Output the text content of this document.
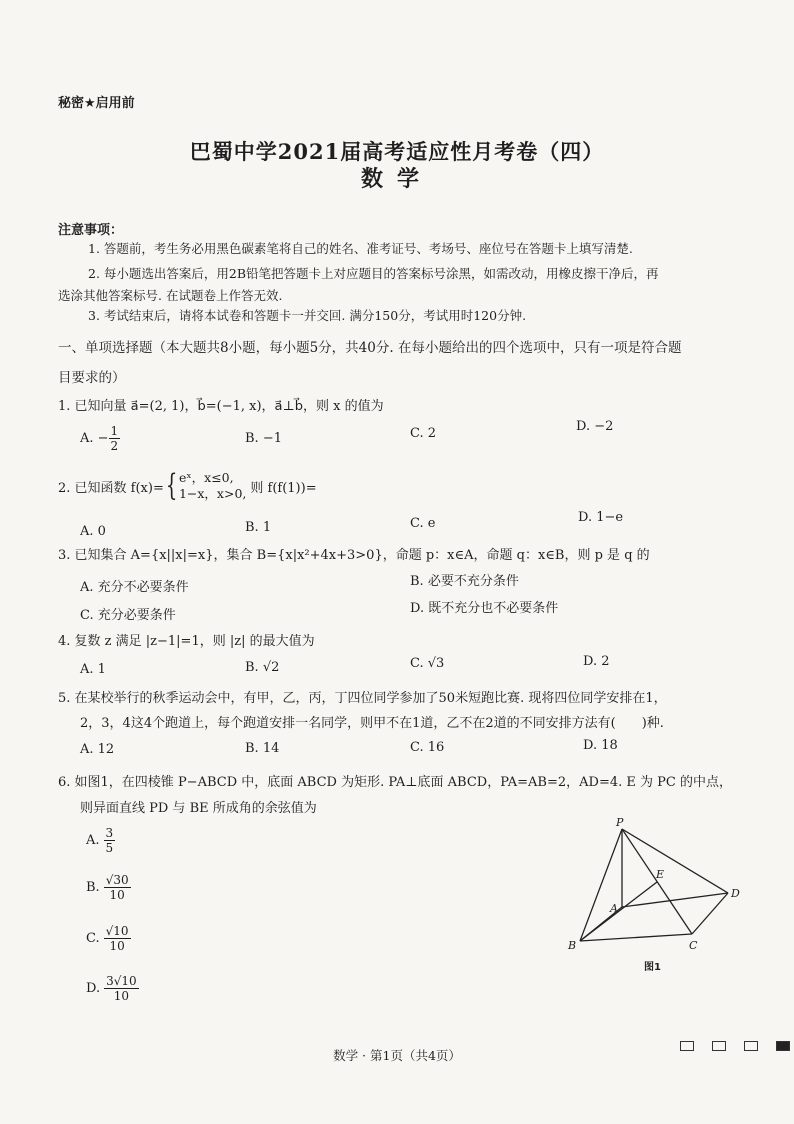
秘密★启用前
巴蜀中学2021届高考适应性月考卷（四）
数学
注意事项：
1. 答题前，考生务必用黑色碳素笔将自己的姓名、准考证号、考场号、座位号在答题卡上填写清楚.
2. 每小题选出答案后，用2B铅笔把答题卡上对应题目的答案标号涂黑，如需改动，用橡皮擦干净后，再
选涂其他答案标号. 在试题卷上作答无效.
3. 考试结束后，请将本试卷和答题卡一并交回. 满分150分，考试用时120分钟.
一、单项选择题（本大题共8小题，每小题5分，共40分. 在每小题给出的四个选项中，只有一项是符合题
目要求的）
1. 已知向量 a⃗=(2, 1)，b⃗=(−1, x)，a⃗⊥b⃗，则 x 的值为
A. − $\frac{1}{2}$	B. −1	C. 2	D. −2
2. 已知函数 f(x)= { eˣ，x≤0,
1−x，x>0, 则 f(f(1))=
A. 0	B. 1	C. e	D. 1−e
3. 已知集合 A={x||x|=x}，集合 B={x|x²+4x+3>0}，命题 p：x∈A，命题 q：x∈B，则 p 是 q 的
A. 充分不必要条件	B. 必要不充分条件
C. 充分必要条件	D. 既不充分也不必要条件
4. 复数 z 满足 |z−1|=1，则 |z| 的最大值为
A. 1	B. √2	C. √3	D. 2
5. 在某校举行的秋季运动会中，有甲，乙，丙，丁四位同学参加了50米短跑比赛. 现将四位同学安排在1，
2，3，4这4个跑道上，每个跑道安排一名同学，则甲不在1道，乙不在2道的不同安排方法有( )种.
A. 12	B. 14	C. 16	D. 18
6. 如图1，在四棱锥 P−ABCD 中，底面 ABCD 为矩形. PA⊥底面 ABCD，PA=AB=2，AD=4. E 为 PC 的中点，
则异面直线 PD 与 BE 所成角的余弦值为
A. $\frac{3}{5}$
B. $\frac{√30}{10}$
C. $\frac{√10}{10}$
D. $\frac{3√10}{10}$
P
A
B	C
D
E
图1
数学 · 第1页（共4页）
